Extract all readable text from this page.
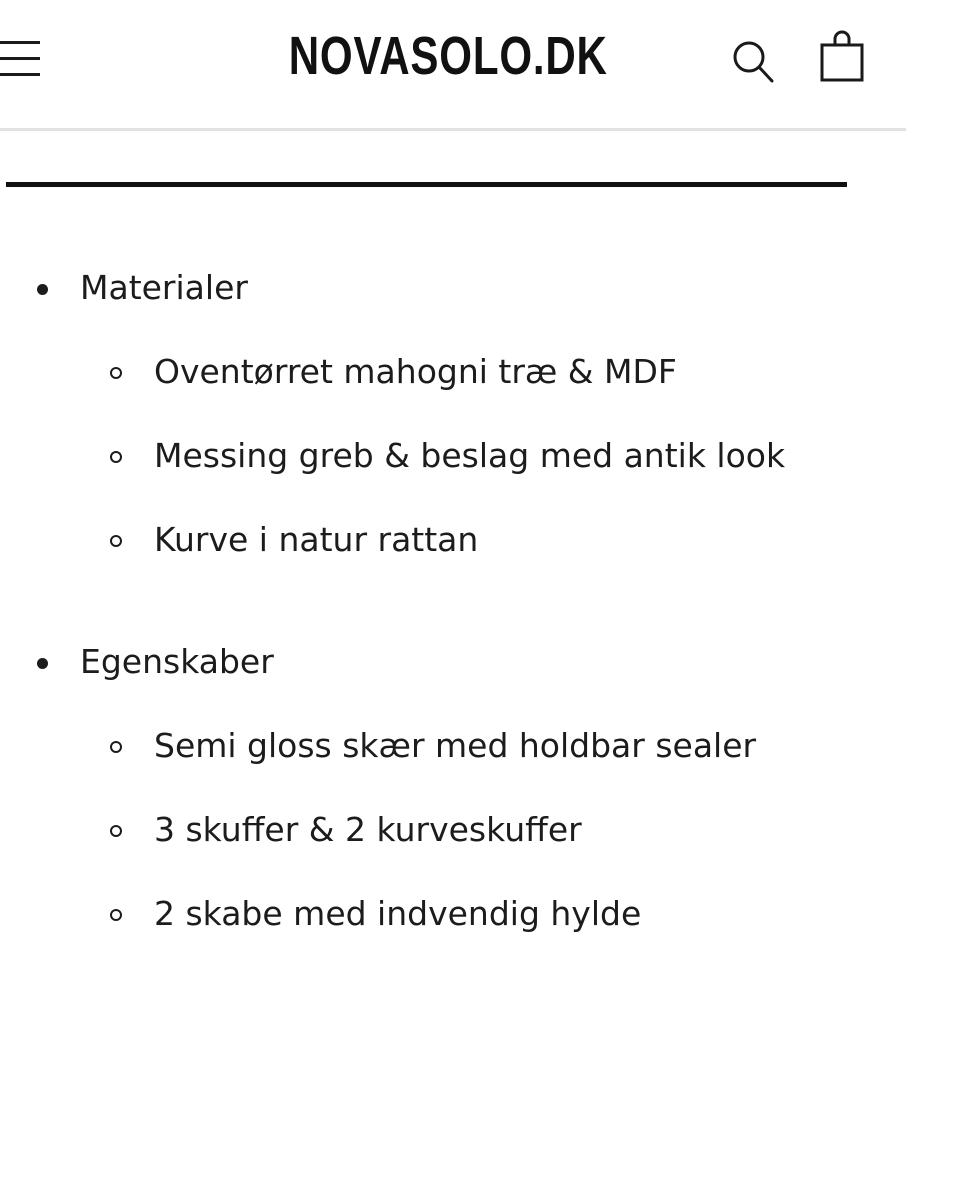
NOVASOLO.DK
Materialer
Oventørret mahogni træ & MDF
Messing greb & beslag med antik look
Kurve i natur rattan
Egenskaber
Semi gloss skær med holdbar sealer
3 skuffer & 2 kurveskuffer
2 skabe med indvendig hylde
